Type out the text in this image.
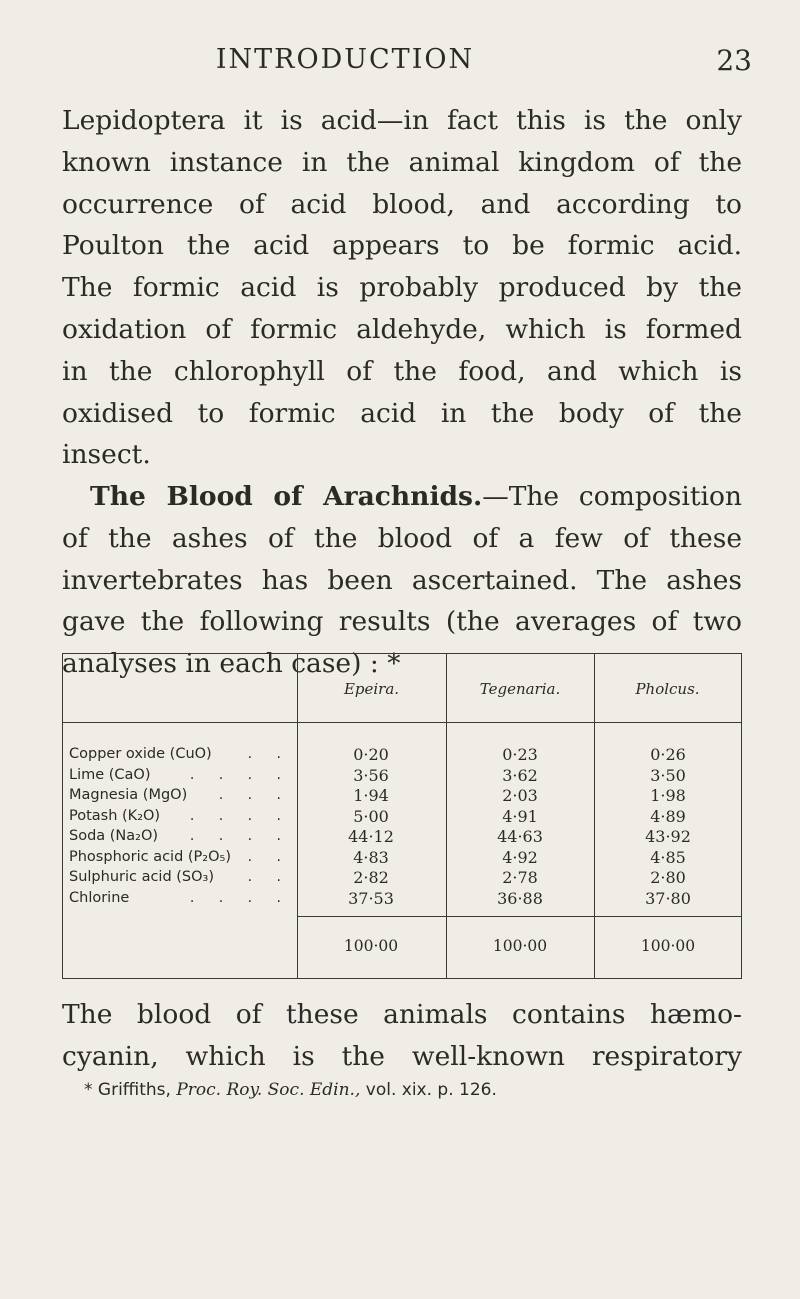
INTRODUCTION	23
Lepidoptera it is acid—in fact this is the only
known instance in the animal kingdom of the
occurrence of acid blood, and according to
Poulton the acid appears to be formic acid.
The formic acid is probably produced by the
oxidation of formic aldehyde, which is formed
in the chlorophyll of the food, and which is
oxidised to formic acid in the body of the
insect.
The Blood of Arachnids.—The composition
of the ashes of the blood of a few of these
invertebrates has been ascertained. The ashes
gave the following results (the averages of two
analyses in each case) : *
Epeira.	Tegenaria.	Pholcus.
Copper oxide (CuO)	. .	0·20	0·23	0·26
Lime (CaO)	. . . .	3·56	3·62	3·50
Magnesia (MgO) . . .	1·94	2·03	1·98
Potash (K₂O) . . . .	5·00	4·91	4·89
Soda (Na₂O) . . . .	44·12	44·63	43·92
Phosphoric acid (P₂O₅) . .	4·83	4·92	4·85
Sulphuric acid (SO₃) . .	2·82	2·78	2·80
Chlorine	. . . .	37·53	36·88	37·80
100·00	100·00	100·00
The blood of these animals contains hæmo-
cyanin, which is the well-known respiratory
* Griffiths, Proc. Roy. Soc. Edin., vol. xix. p. 126.
